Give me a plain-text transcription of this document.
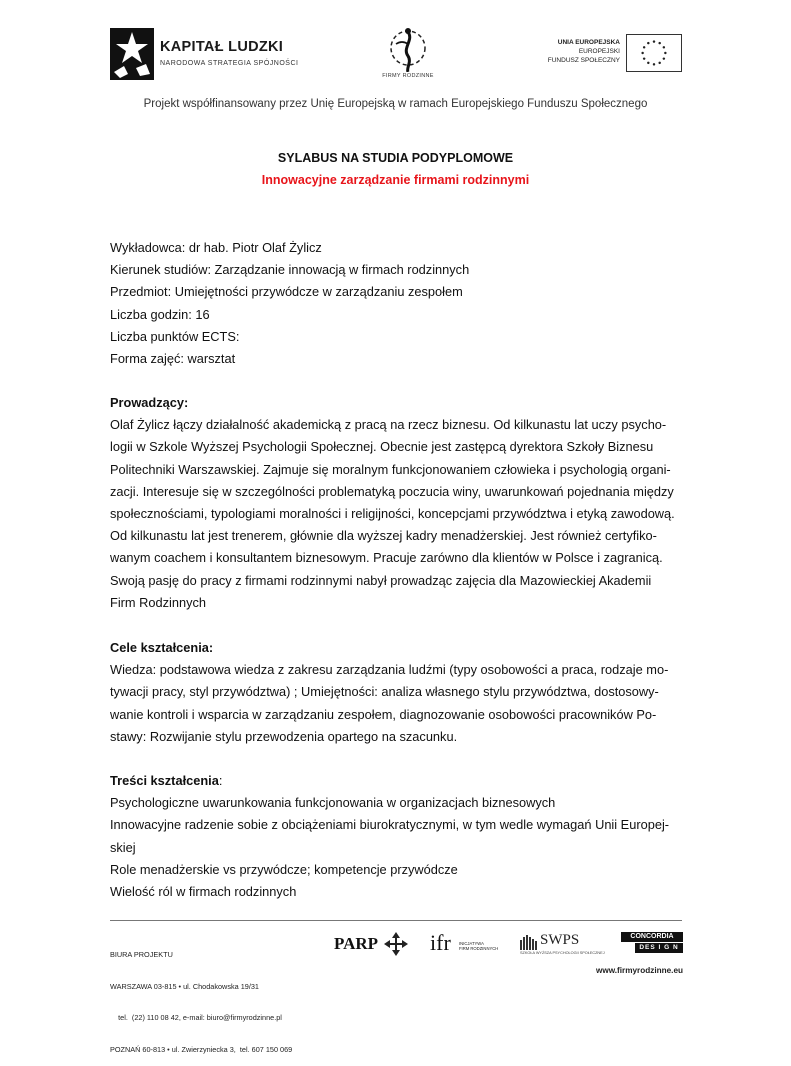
KAPITAŁ LUDZKI
NARODOWA STRATEGIA SPÓJNOŚCI
FIRMY RODZINNE
UNIA EUROPEJSKA
EUROPEJSKI
FUNDUSZ SPOŁECZNY
Projekt współfinansowany przez Unię Europejską w ramach Europejskiego Funduszu Społecznego
SYLABUS NA STUDIA PODYPLOMOWE
Innowacyjne zarządzanie firmami rodzinnymi
Wykładowca: dr hab. Piotr Olaf Żylicz
Kierunek studiów: Zarządzanie innowacją w firmach rodzinnych
Przedmiot: Umiejętności przywódcze w zarządzaniu zespołem
Liczba godzin: 16
Liczba punktów ECTS:
Forma zajęć: warsztat
Prowadzący:
Olaf Żylicz łączy działalność akademicką z pracą na rzecz biznesu. Od kilkunastu lat uczy psycho-
logii w Szkole Wyższej Psychologii Społecznej. Obecnie jest zastępcą dyrektora Szkoły Biznesu
Politechniki Warszawskiej. Zajmuje się moralnym funkcjonowaniem człowieka i psychologią organi-
zacji. Interesuje się w szczególności problematyką poczucia winy, uwarunkowań pojednania między
społecznościami, typologiami moralności i religijności, koncepcjami przywództwa i etyką zawodową.
Od kilkunastu lat jest trenerem, głównie dla wyższej kadry menadżerskiej. Jest również certyfiko-
wanym coachem i konsultantem biznesowym. Pracuje zarówno dla klientów w Polsce i zagranicą.
Swoją pasję do pracy z firmami rodzinnymi nabył prowadząc zajęcia dla Mazowieckiej Akademii
Firm Rodzinnych
Cele kształcenia:
Wiedza: podstawowa wiedza z zakresu zarządzania ludźmi (typy osobowości a praca, rodzaje mo-
tywacji pracy, styl przywództwa) ; Umiejętności: analiza własnego stylu przywództwa, dostosowy-
wanie kontroli i wsparcia w zarządzaniu zespołem, diagnozowanie osobowości pracowników Po-
stawy: Rozwijanie stylu przewodzenia opartego na szacunku.
Treści kształcenia:
Psychologiczne uwarunkowania funkcjonowania w organizacjach biznesowych
Innowacyjne radzenie sobie z obciążeniami biurokratycznymi, w tym wedle wymagań Unii Europej-
skiej
Role menadżerskie vs przywódcze; kompetencje przywódcze
Wielość ról w firmach rodzinnych

BIURA PROJEKTU

WARSZAWA 03-815 • ul. Chodakowska 19/31

tel.  (22) 110 08 42, e-mail: biuro@firmyrodzinne.pl

POZNAŃ 60-813 • ul. Zwierzyniecka 3,  tel. 607 150 069

PARP ifr INICJATYWA
FIRM RODZINNYCH
SWPS
SZKOŁA WYŻSZA PSYCHOLOGII SPOŁECZNEJ
CONCORDIA
DES I G N
www.firmyrodzinne.eu
